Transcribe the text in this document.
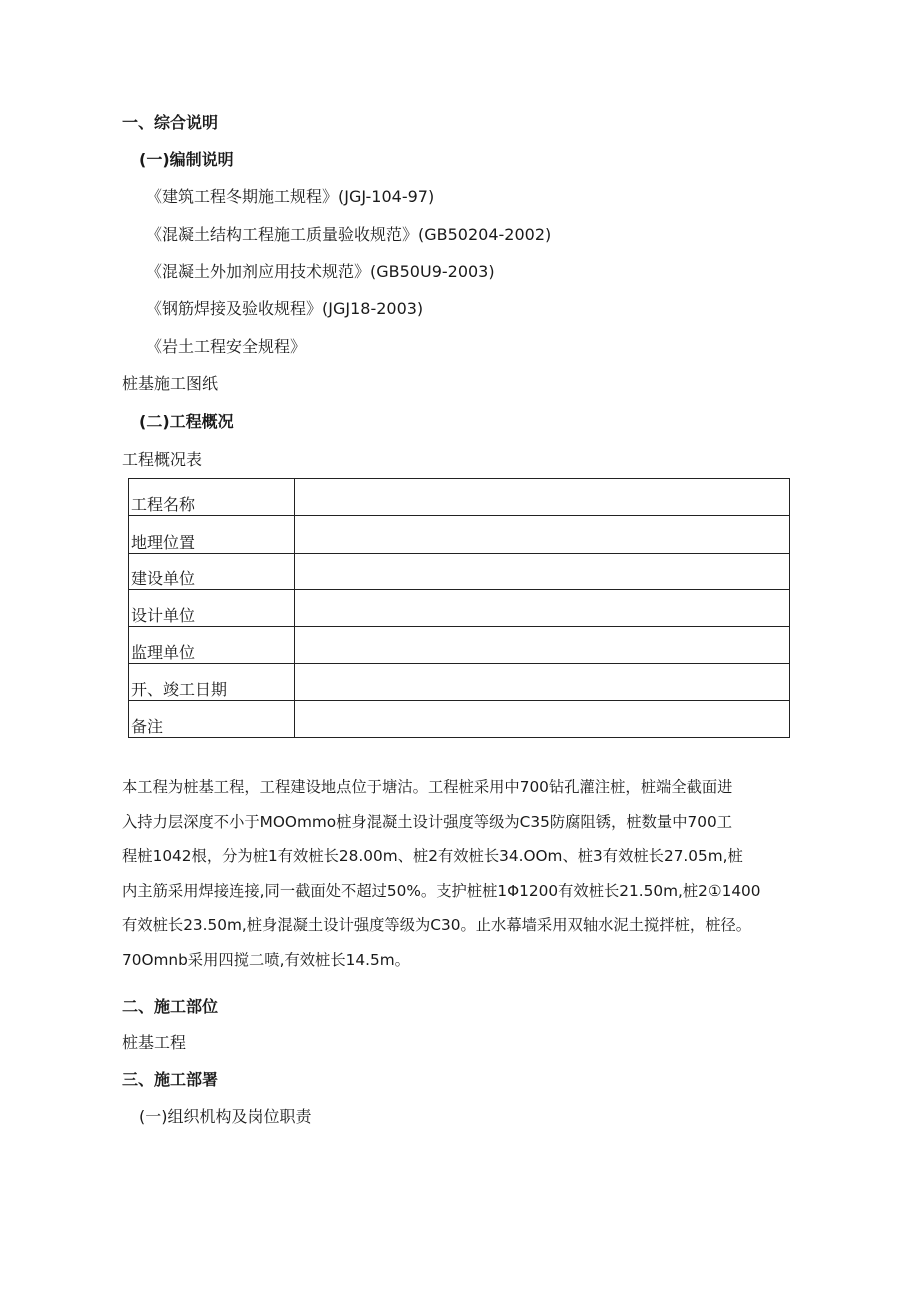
一、综合说明
(一)编制说明
《建筑工程冬期施工规程》(JGJ-104-97)
《混凝土结构工程施工质量验收规范》(GB50204-2002)
《混凝土外加剂应用技术规范》(GB50U9-2003)
《钢筋焊接及验收规程》(JGJ18-2003)
《岩土工程安全规程》
桩基施工图纸
(二)工程概况
工程概况表
工程名称	
地理位置	
建设单位	
设计单位	
监理单位	
开、竣工日期	
备注	
本工程为桩基工程，工程建设地点位于塘沽。工程桩采用中700钻孔灌注桩，桩端全截面进
入持力层深度不小于MOOmmo桩身混凝土设计强度等级为C35防腐阻锈，桩数量中700工
程桩1042根，分为桩1有效桩长28.00m、桩2有效桩长34.OOm、桩3有效桩长27.05m,桩
内主筋采用焊接连接,同一截面处不超过50%。支护桩桩1Φ1200有效桩长21.50m,桩2①1400
有效桩长23.50m,桩身混凝土设计强度等级为C30。止水幕墙采用双轴水泥土搅拌桩，桩径。
70Omnb采用四搅二喷,有效桩长14.5m。
二、施工部位
桩基工程
三、施工部署
(一)组织机构及岗位职责
